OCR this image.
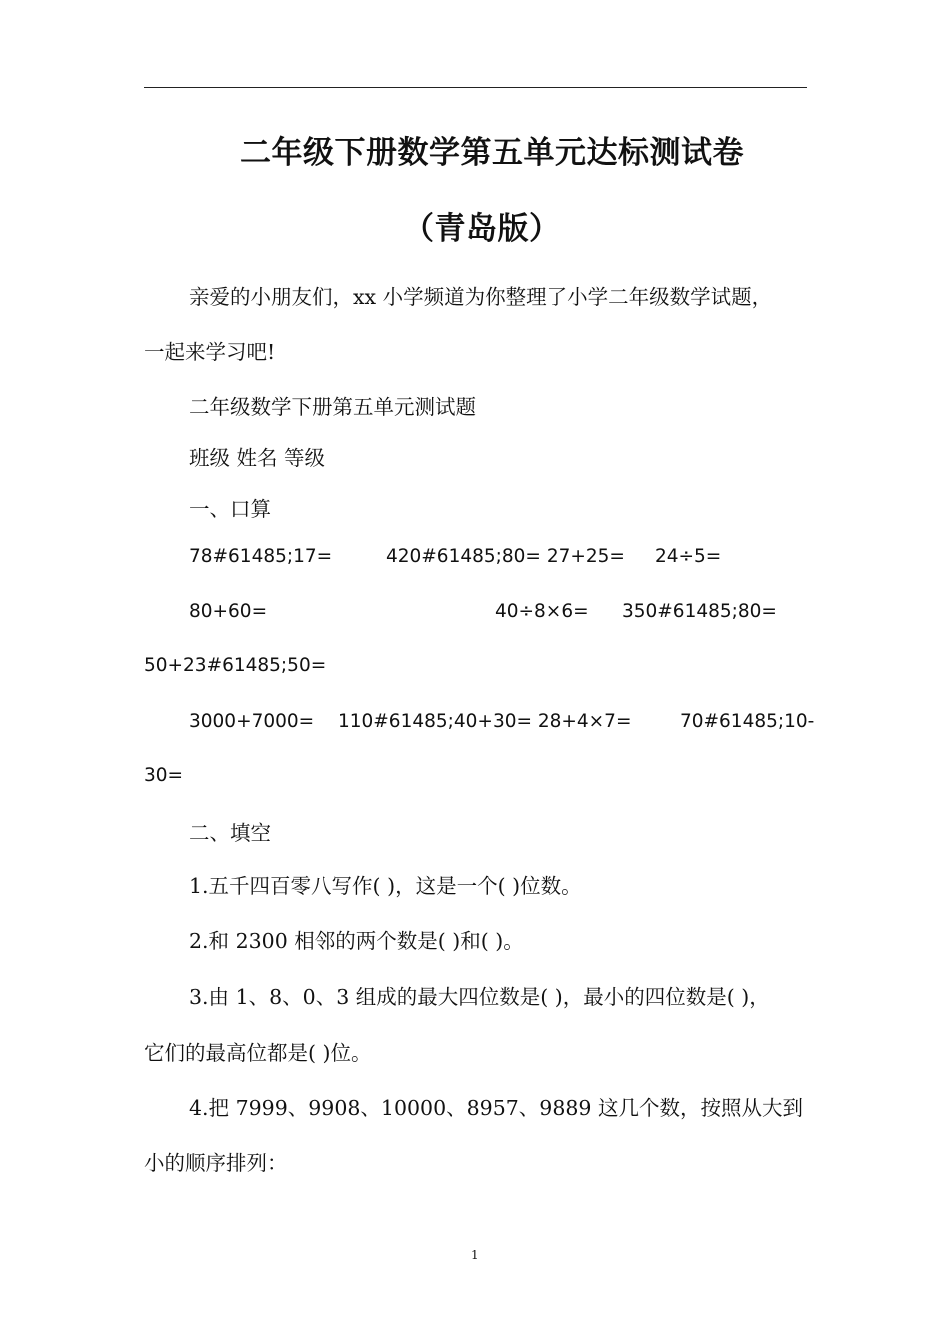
二年级下册数学第五单元达标测试卷
（青岛版）
亲爱的小朋友们，xx 小学频道为你整理了小学二年级数学试题，
一起来学习吧!
二年级数学下册第五单元测试题
班级 姓名 等级
一、口算
78#61485;17=	420#61485;80= 27+25= 24÷5=
80+60=	40÷8×6= 350#61485;80=
50+23#61485;50=
3000+7000= 110#61485;40+30= 28+4×7=	70#61485;10-
30=
二、填空
1.五千四百零八写作( )，这是一个( )位数。
2.和 2300 相邻的两个数是( )和( )。
3.由 1、8、0、3 组成的最大四位数是( )，最小的四位数是( )，
它们的最高位都是( )位。
4.把 7999、9908、10000、8957、9889 这几个数，按照从大到
小的顺序排列：
1
